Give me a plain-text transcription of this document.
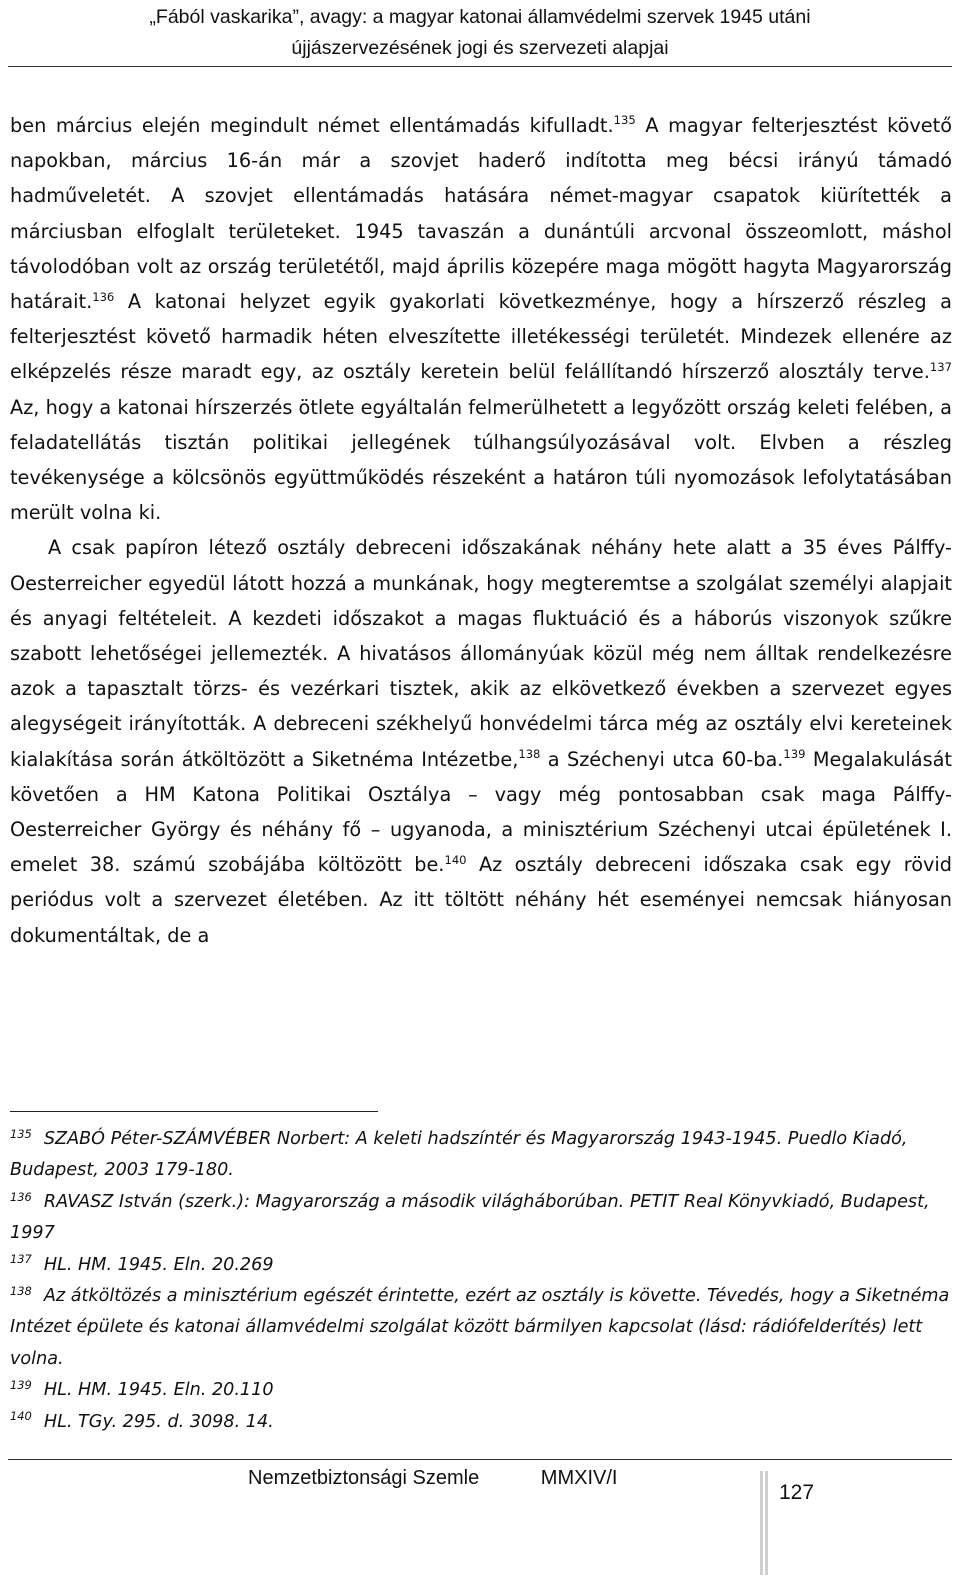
„Fából vaskarika”, avagy: a magyar katonai államvédelmi szervek 1945 utáni
újjászervezésének jogi és szervezeti alapjai

ben március elején megindult német ellentámadás kifulladt.$^{135}$ A magyar felterjesztést követő napokban, március 16-án már a szovjet haderő indította meg bécsi irányú támadó hadműveletét. A szovjet ellentámadás hatására német-magyar csapatok kiürítették a márciusban elfoglalt területeket. 1945 tavaszán a dunántúli arcvonal összeomlott, máshol távolodóban volt az ország területétől, majd április közepére maga mögött hagyta Magyarország határait.$^{136}$ A katonai helyzet egyik gyakorlati következménye, hogy a hírszerző részleg a felterjesztést követő harmadik héten elveszítette illetékességi területét. Mindezek ellenére az elképzelés része maradt egy, az osztály keretein belül felállítandó hírszerző alosztály terve.$^{137}$ Az, hogy a katonai hírszerzés ötlete egyáltalán felmerülhetett a legyőzött ország keleti felében, a feladatellátás tisztán politikai jellegének túlhangsúlyozásával volt. Elvben a részleg tevékenysége a kölcsönös együttműködés részeként a határon túli nyomozások lefolytatásában merült volna ki.

A csak papíron létező osztály debreceni időszakának néhány hete alatt a 35 éves Pálffy-Oesterreicher egyedül látott hozzá a munkának, hogy megteremtse a szolgálat személyi alapjait és anyagi feltételeit. A kezdeti időszakot a magas fluktuáció és a háborús viszonyok szűkre szabott lehetőségei jellemezték. A hivatásos állományúak közül még nem álltak rendelkezésre azok a tapasztalt törzs- és vezérkari tisztek, akik az elkövetkező években a szervezet egyes alegységeit irányították. A debreceni székhelyű honvédelmi tárca még az osztály elvi kereteinek kialakítása során átköltözött a Siketnéma Intézetbe,$^{138}$ a Széchenyi utca 60-ba.$^{139}$ Megalakulását követően a HM Katona Politikai Osztálya – vagy még pontosabban csak maga Pálffy-Oesterreicher György és néhány fő – ugyanoda, a minisztérium Széchenyi utcai épületének I. emelet 38. számú szobájába költözött be.$^{140}$ Az osztály debreceni időszaka csak egy rövid periódus volt a szervezet életében. Az itt töltött néhány hét eseményei nemcsak hiányosan dokumentáltak, de a

$^{135}$ SZABÓ Péter-SZÁMVÉBER Norbert: A keleti hadszíntér és Magyarország 1943-1945. Puedlo Kiadó, Budapest, 2003 179-180.

$^{136}$ RAVASZ István (szerk.): Magyarország a második világháborúban. PETIT Real Könyvkiadó, Budapest, 1997

$^{137}$ HL. HM. 1945. Eln. 20.269

$^{138}$ Az átköltözés a minisztérium egészét érintette, ezért az osztály is követte. Tévedés, hogy a Siketnéma Intézet épülete és katonai államvédelmi szolgálat között bármilyen kapcsolat (lásd: rádiófelderítés) lett volna.

$^{139}$ HL. HM. 1945. Eln. 20.110

$^{140}$ HL. TGy. 295. d. 3098. 14.

Nemzetbiztonsági Szemle	MMXIV/I
127
